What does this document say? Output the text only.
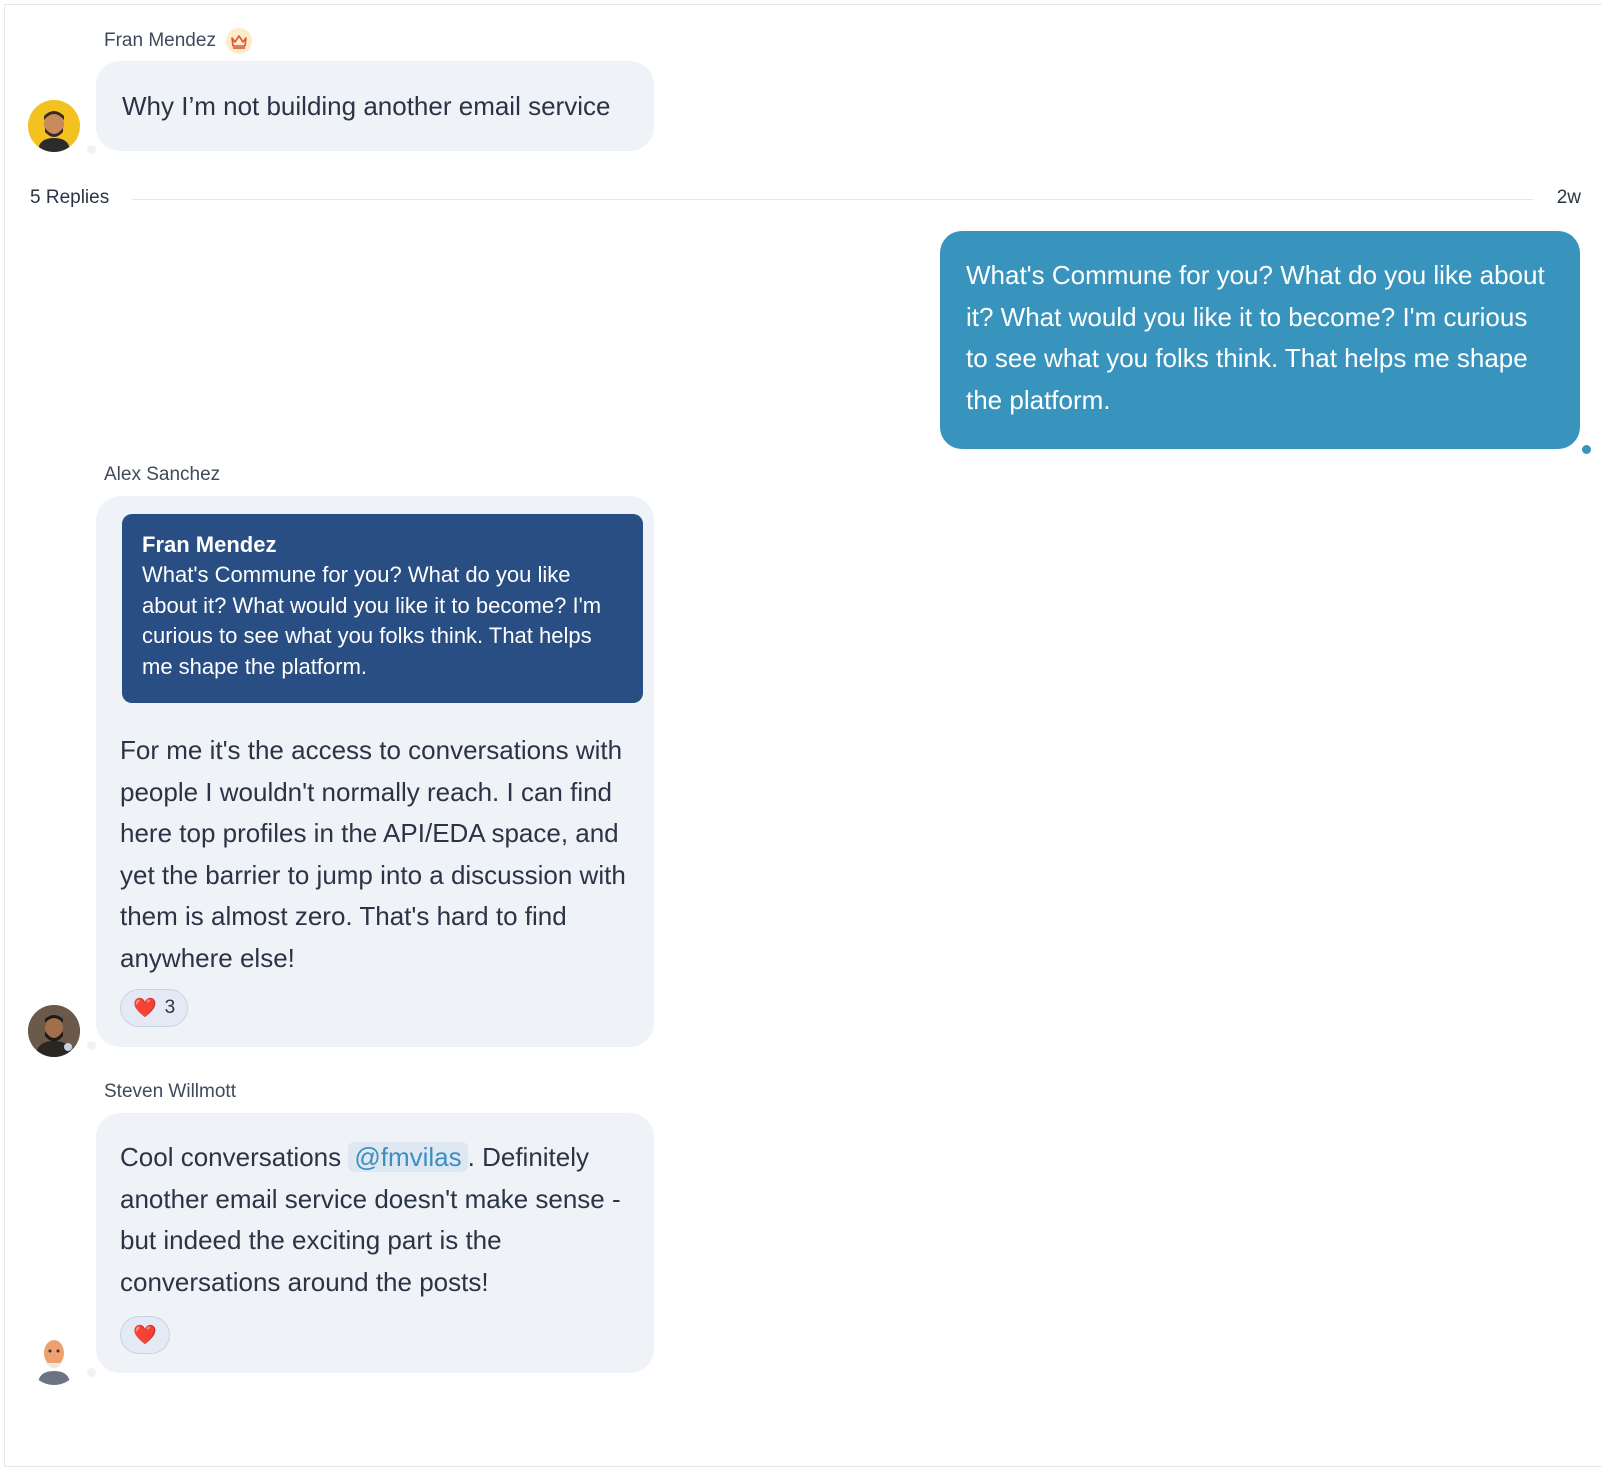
Fran Mendez
Why I’m not building another email service
5 Replies	2w
What's Commune for you? What do you like about it? What would you like it to become? I'm curious to see what you folks think. That helps me shape the platform.
Alex Sanchez
Fran Mendez
What's Commune for you? What do you like about it? What would you like it to become? I'm curious to see what you folks think. That helps me shape the platform.
For me it's the access to conversations with people I wouldn't normally reach. I can find here top profiles in the API/EDA space, and yet the barrier to jump into a discussion with them is almost zero. That's hard to find anywhere else!
❤️ 3
Steven Willmott
Cool conversations @fmvilas . Definitely another email service doesn't make sense - but indeed the exciting part is the conversations around the posts!
❤️
